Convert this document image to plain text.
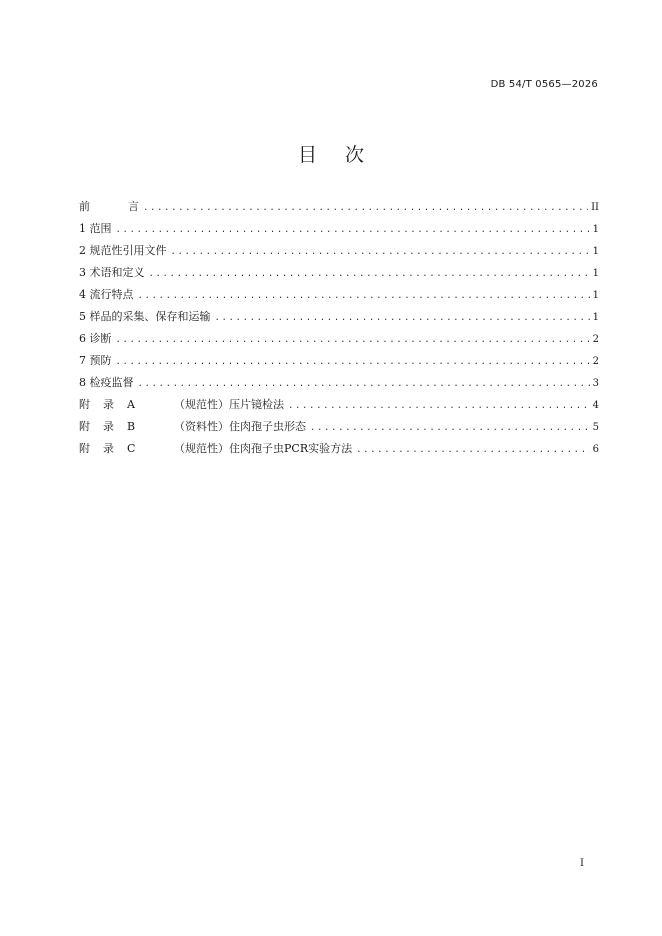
DB 54/T 0565—2026
目次
前言 .....	II
1 范围 .....	1
2 规范性引用文件 .....	1
3 术语和定义 .....	1
4 流行特点 .....	1
5 样品的采集、保存和运输 .....	1
6 诊断 .....	2
7 预防 .....	2
8 检疫监督 .....	3
附 录 A	（规范性）压片镜检法 .....	4
附 录 B	（资料性）住肉孢子虫形态 .....	5
附 录 C	（规范性）住肉孢子虫PCR实验方法 .....	6
I
